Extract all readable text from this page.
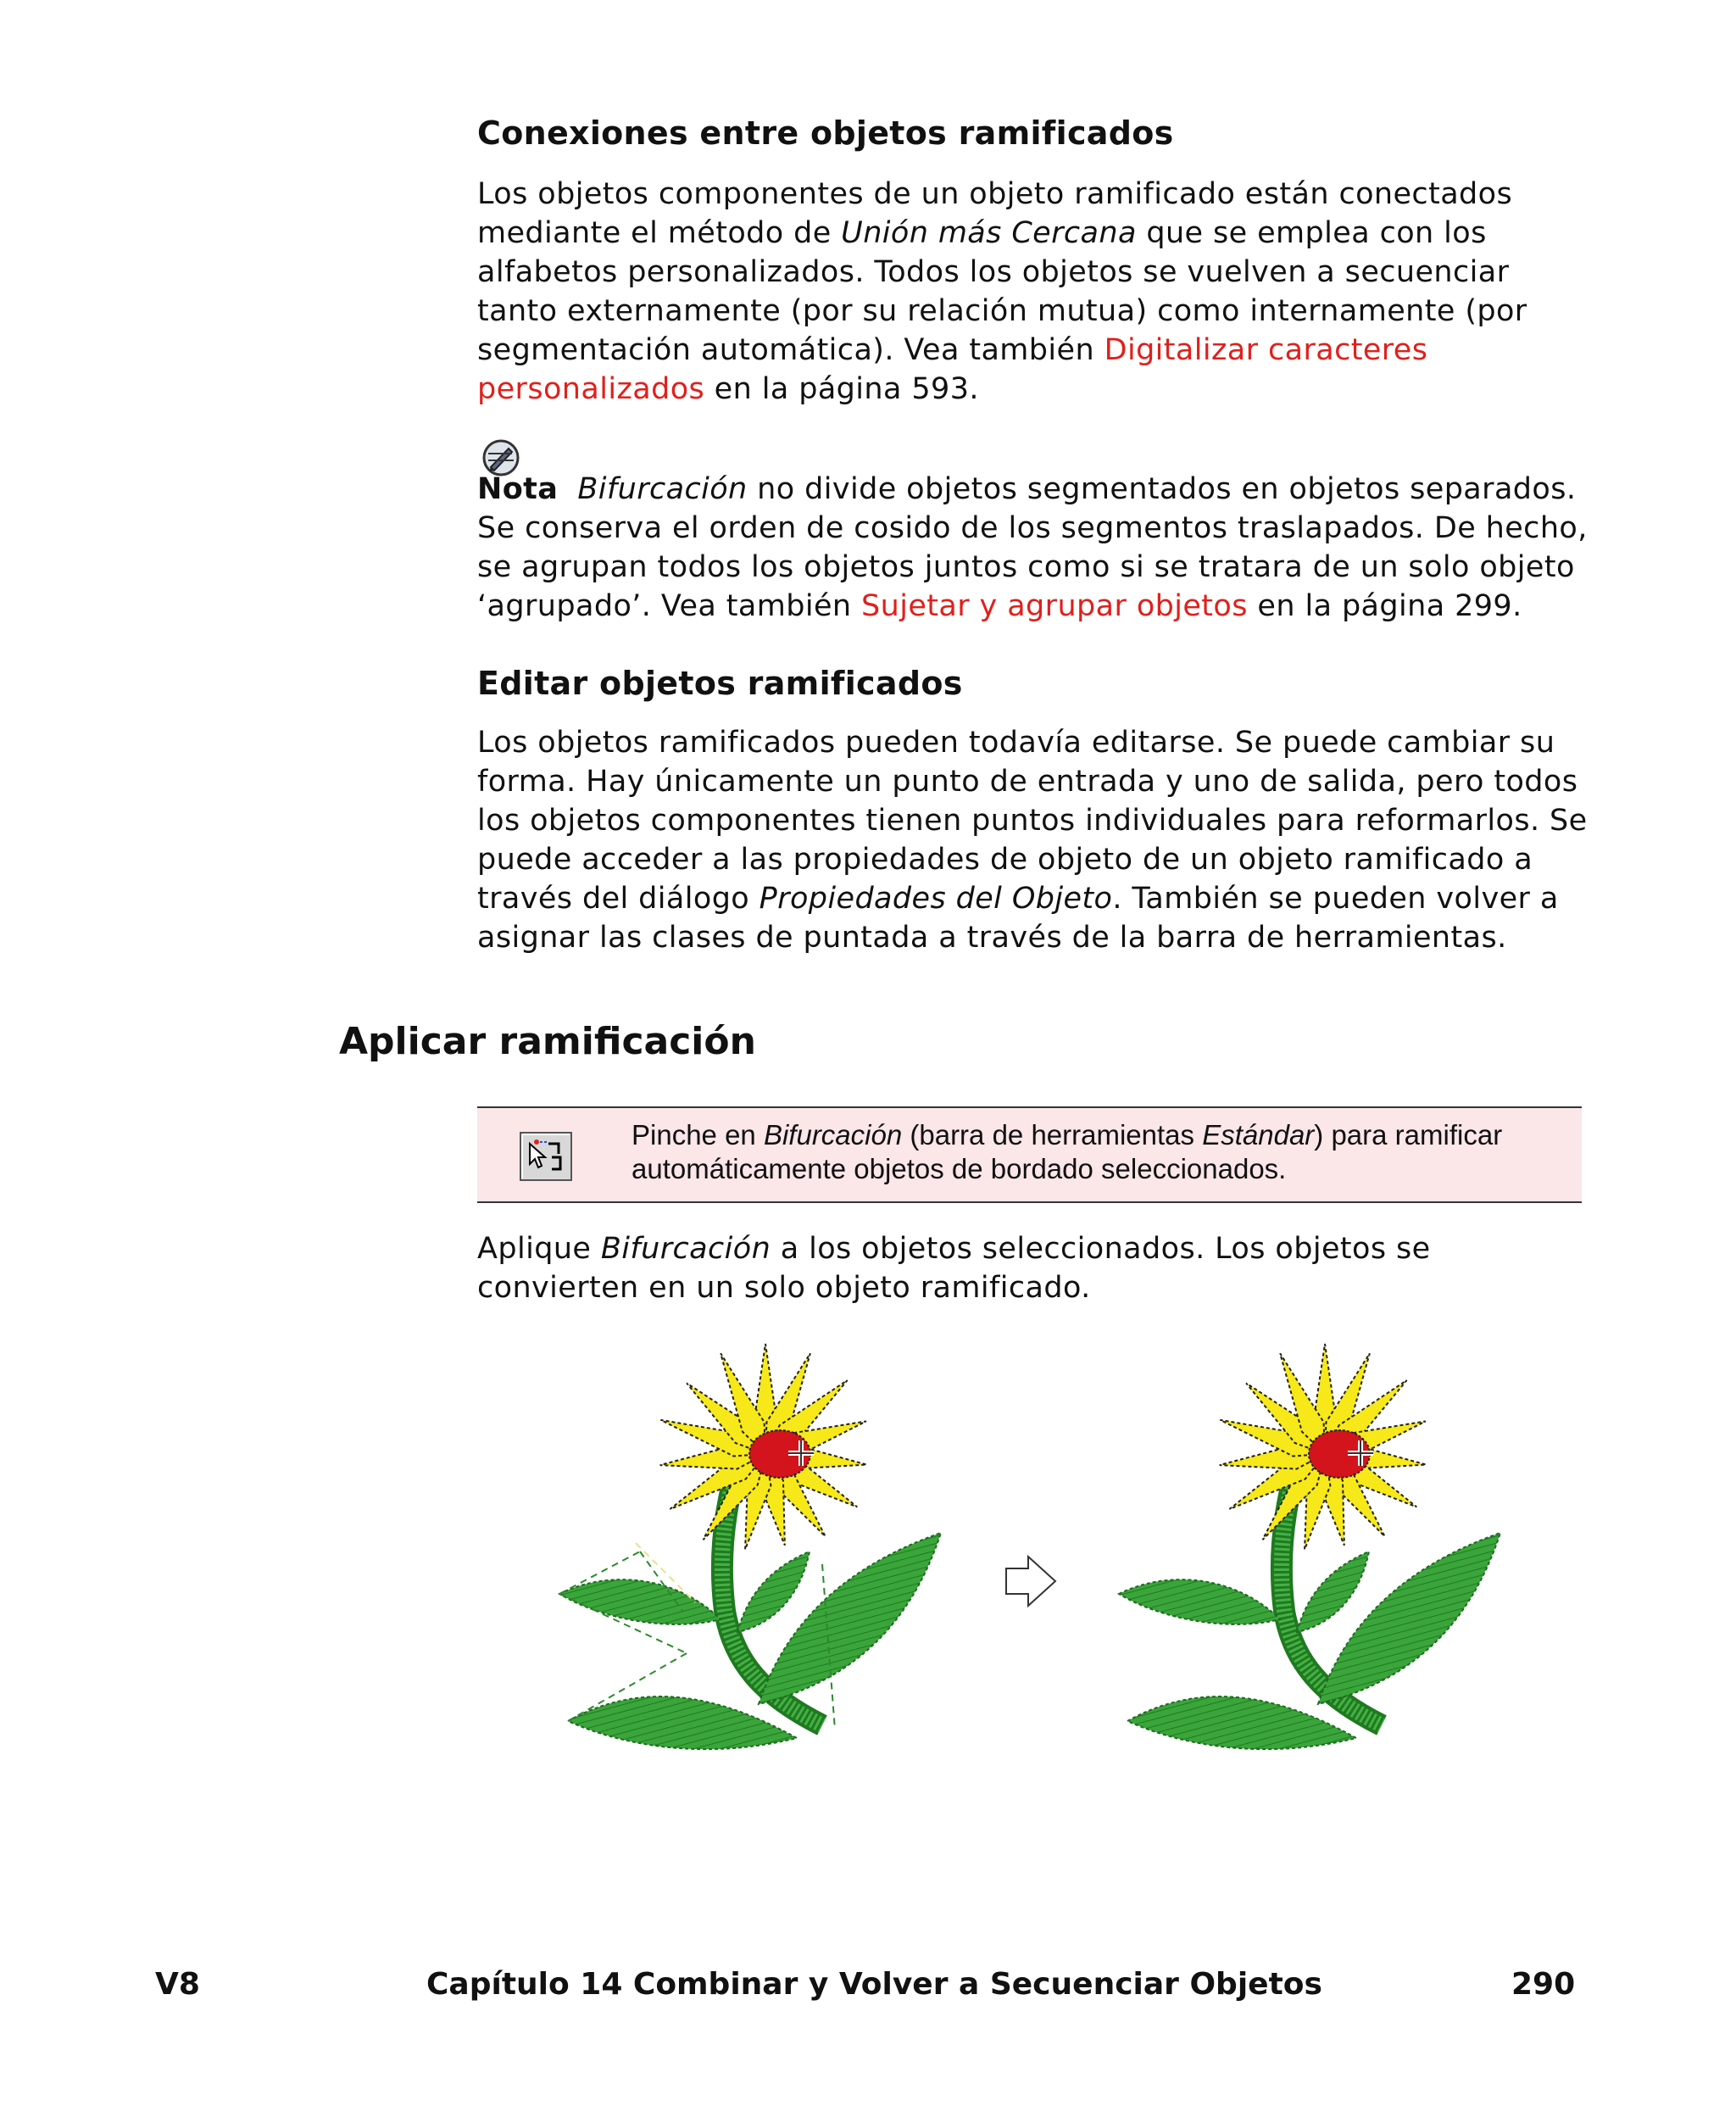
Conexiones entre objetos ramificados

Los objetos componentes de un objeto ramificado están conectados mediante el método de Unión más Cercana que se emplea con los alfabetos personalizados. Todos los objetos se vuelven a secuenciar tanto externamente (por su relación mutua) como internamente (por segmentación automática). Vea también Digitalizar caracteres personalizados en la página 593.

Nota Bifurcación no divide objetos segmentados en objetos separados. Se conserva el orden de cosido de los segmentos traslapados. De hecho, se agrupan todos los objetos juntos como si se tratara de un solo objeto ‘agrupado’. Vea también Sujetar y agrupar objetos en la página 299.

Editar objetos ramificados

Los objetos ramificados pueden todavía editarse. Se puede cambiar su forma. Hay únicamente un punto de entrada y uno de salida, pero todos los objetos componentes tienen puntos individuales para reformarlos. Se puede acceder a las propiedades de objeto de un objeto ramificado a través del diálogo Propiedades del Objeto. También se pueden volver a asignar las clases de puntada a través de la barra de herramientas.

Aplicar ramificación
Pinche en Bifurcación (barra de herramientas Estándar) para ramificar automáticamente objetos de bordado seleccionados.

Aplique Bifurcación a los objetos seleccionados. Los objetos se convierten en un solo objeto ramificado.

V8	Capítulo 14 Combinar y Volver a Secuenciar Objetos	290
